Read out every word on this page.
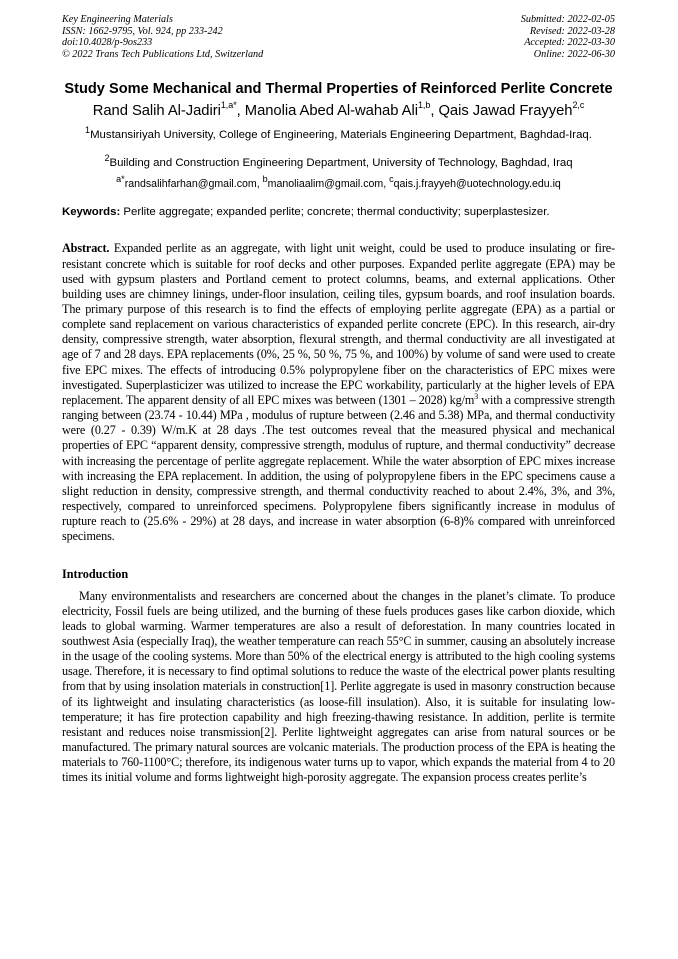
Key Engineering Materials
ISSN: 1662-9795, Vol. 924, pp 233-242
doi:10.4028/p-9os233
© 2022 Trans Tech Publications Ltd, Switzerland
Submitted: 2022-02-05
Revised: 2022-03-28
Accepted: 2022-03-30
Online: 2022-06-30
Study Some Mechanical and Thermal Properties of Reinforced Perlite Concrete
Rand Salih Al-Jadiri$^{1,a*}$, Manolia Abed Al-wahab Ali$^{1,b}$, Qais Jawad Frayyeh$^{2,c}$
$^1$Mustansiriyah University, College of Engineering, Materials Engineering Department, Baghdad-Iraq.
$^2$Building and Construction Engineering Department, University of Technology, Baghdad, Iraq
$^{a*}$randsalihfarhan@gmail.com, $^b$manoliaalim@gmail.com, $^c$qais.j.frayyeh@uotechnology.edu.iq
Keywords: Perlite aggregate; expanded perlite; concrete; thermal conductivity; superplastesizer.
Abstract. Expanded perlite as an aggregate, with light unit weight, could be used to produce insulating or fire-resistant concrete which is suitable for roof decks and other purposes. Expanded perlite aggregate (EPA) may be used with gypsum plasters and Portland cement to protect columns, beams, and external applications. Other building uses are chimney linings, under-floor insulation, ceiling tiles, gypsum boards, and roof insulation boards. The primary purpose of this research is to find the effects of employing perlite aggregate (EPA) as a partial or complete sand replacement on various characteristics of expanded perlite concrete (EPC). In this research, air-dry density, compressive strength, water absorption, flexural strength, and thermal conductivity are all investigated at age of 7 and 28 days. EPA replacements (0%, 25 %, 50 %, 75 %, and 100%) by volume of sand were used to create five EPC mixes. The effects of introducing 0.5% polypropylene fiber on the characteristics of EPC mixes were investigated. Superplasticizer was utilized to increase the EPC workability, particularly at the higher levels of EPA replacement. The apparent density of all EPC mixes was between (1301 – 2028) $kg/m^3$ with a compressive strength ranging between (23.74 - 10.44) MPa , modulus of rupture between (2.46 and 5.38) MPa, and thermal conductivity were (0.27 - 0.39) W/m.K at 28 days .The test outcomes reveal that the measured physical and mechanical properties of EPC “apparent density, compressive strength, modulus of rupture, and thermal conductivity” decrease with increasing the percentage of perlite aggregate replacement. While the water absorption of EPC mixes increase with increasing the EPA replacement. In addition, the using of polypropylene fibers in the EPC specimens cause a slight reduction in density, compressive strength, and thermal conductivity reached to about 2.4%, 3%, and 3%, respectively, compared to unreinforced specimens. Polypropylene fibers significantly increase in modulus of rupture reach to (25.6% - 29%) at 28 days, and increase in water absorption (6-8)% compared with unreinforced specimens.
Introduction
Many environmentalists and researchers are concerned about the changes in the planet’s climate. To produce electricity, Fossil fuels are being utilized, and the burning of these fuels produces gases like carbon dioxide, which leads to global warming. Warmer temperatures are also a result of deforestation. In many countries located in southwest Asia (especially Iraq), the weather temperature can reach 55°C in summer, causing an absolutely increase in the usage of the cooling systems. More than 50% of the electrical energy is attributed to the high cooling systems usage. Therefore, it is necessary to find optimal solutions to reduce the waste of the electrical power plants resulting from that by using insolation materials in construction[1]. Perlite aggregate is used in masonry construction because of its lightweight and insulating characteristics (as loose-fill insulation). Also, it is suitable for insulating low-temperature; it has fire protection capability and high freezing-thawing resistance. In addition, perlite is termite resistant and reduces noise transmission[2]. Perlite lightweight aggregates can arise from natural sources or be manufactured. The primary natural sources are volcanic materials. The production process of the EPA is heating the materials to 760-1100°C; therefore, its indigenous water turns up to vapor, which expands the material from 4 to 20 times its initial volume and forms lightweight high-porosity aggregate. The expansion process creates perlite’s
